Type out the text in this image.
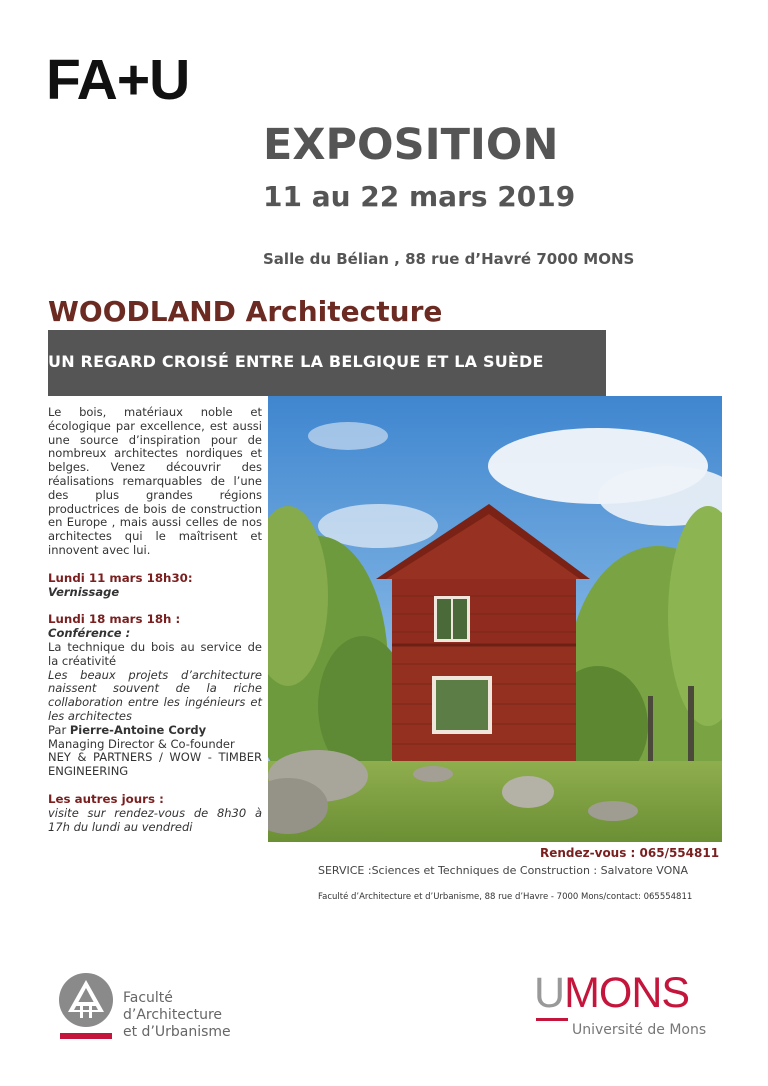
FA+U
EXPOSITION
11 au 22 mars 2019
Salle du Bélian , 88 rue d’Havré 7000 MONS
WOODLAND Architecture
UN REGARD CROISÉ ENTRE LA BELGIQUE ET LA SUÈDE
Le bois, matériaux noble et écologique par excellence, est aussi une source d’inspiration pour de nombreux architectes nordiques et belges. Venez découvrir des réalisations remarquables de l’une des plus grandes régions productrices de bois de construction en Europe , mais aussi celles de nos architectes qui le maîtrisent et innovent avec lui.
Lundi 11 mars 18h30:
Vernissage
Lundi 18 mars 18h :
Conférence :
La technique du bois au service de la créativité
Les beaux projets d’architecture naissent souvent de la riche collaboration entre les ingénieurs et les architectes
Par Pierre-Antoine Cordy
Managing Director & Co-founder
NEY & PARTNERS / WOW - TIMBER ENGINEERING
Les autres jours :
visite sur rendez-vous de 8h30 à 17h du lundi au vendredi
Rendez-vous : 065/554811
SERVICE :Sciences et Techniques de Construction : Salvatore VONA
Faculté d’Architecture et d’Urbanisme, 88 rue d’Havre - 7000 Mons/contact: 065554811
Faculté
d’Architecture
et d’Urbanisme
UMONS
Université de Mons
